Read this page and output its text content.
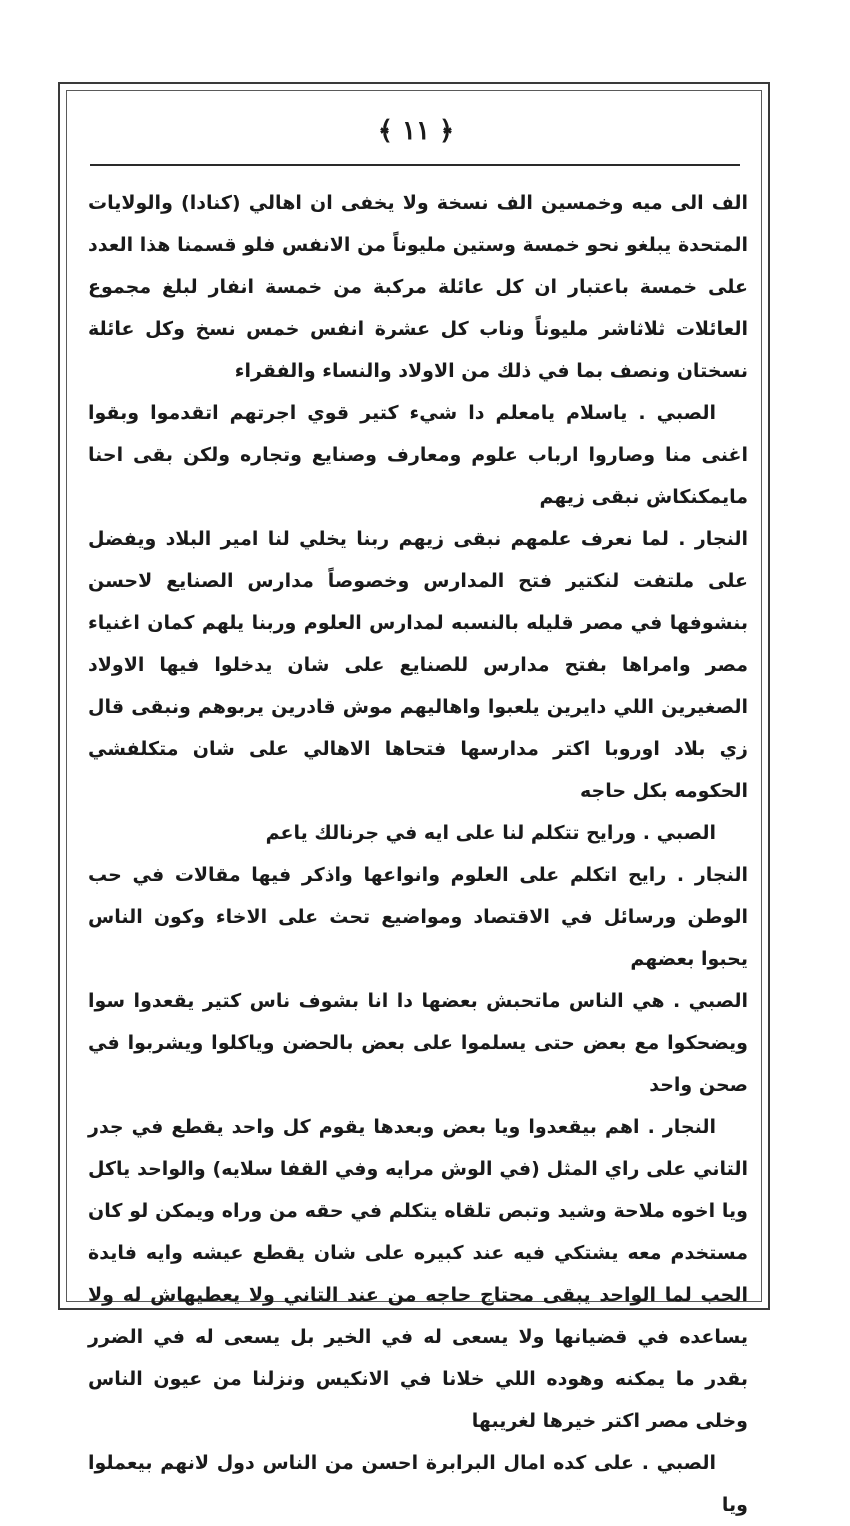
﴾ ١١ ﴿

الف الى ميه وخمسين الف نسخة ولا يخفى ان اهالي (كنادا) والولايات المتحدة يبلغو نحو خمسة وستين مليوناً من الانفس فلو قسمنا هذا العدد على خمسة باعتبار ان كل عائلة مركبة من خمسة انفار لبلغ مجموع العائلات ثلاثاشر مليوناً وناب كل عشرة انفس خمس نسخ وكل عائلة نسختان ونصف بما في ذلك من الاولاد والنساء والفقراء

الصبي . ياسلام يامعلم دا شيء كتير قوي اجرتهم اتقدموا وبقوا اغنى منا وصاروا ارباب علوم ومعارف وصنايع وتجاره ولكن بقى احنا مايمكنكاش نبقى زيهم

النجار . لما نعرف علمهم نبقى زيهم ربنا يخلي لنا امير البلاد ويفضل على ملتفت لنكتير فتح المدارس وخصوصاً مدارس الصنايع لاحسن بنشوفها في مصر قليله بالنسبه لمدارس العلوم وربنا يلهم كمان اغنياء مصر وامراها بفتح مدارس للصنايع على شان يدخلوا فيها الاولاد الصغيرين اللي دايرين يلعبوا واهاليهم موش قادرين يربوهم ونبقى قال زي بلاد اوروبا اكتر مدارسها فتحاها الاهالي على شان متكلفشي الحكومه بكل حاجه

الصبي . ورايح تتكلم لنا على ايه في جرنالك ياعم

النجار . رايح اتكلم على العلوم وانواعها واذكر فيها مقالات في حب الوطن ورسائل في الاقتصاد ومواضيع تحث على الاخاء وكون الناس يحبوا بعضهم

الصبي . هي الناس ماتحبش بعضها دا انا بشوف ناس كتير يقعدوا سوا ويضحكوا مع بعض حتى يسلموا على بعض بالحضن وياكلوا ويشربوا في صحن واحد

النجار . اهم بيقعدوا ويا بعض وبعدها يقوم كل واحد يقطع في جدر التاني على راي المثل (في الوش مرايه وفي القفا سلايه) والواحد ياكل ويا اخوه ملاحة وشيد وتبص تلقاه يتكلم في حقه من وراه ويمكن لو كان مستخدم معه يشتكي فيه عند كبيره على شان يقطع عيشه وايه فايدة الحب لما الواحد يبقى محتاج حاجه من عند التاني ولا يعطيهاش له ولا يساعده في قضيانها ولا يسعى له في الخير بل يسعى له في الضرر بقدر ما يمكنه وهوده اللي خلانا في الانكيس ونزلنا من عيون الناس وخلى مصر اكتر خيرها لغريبها

الصبي . على كده امال البرابرة احسن من الناس دول لانهم بيعملوا ويا
